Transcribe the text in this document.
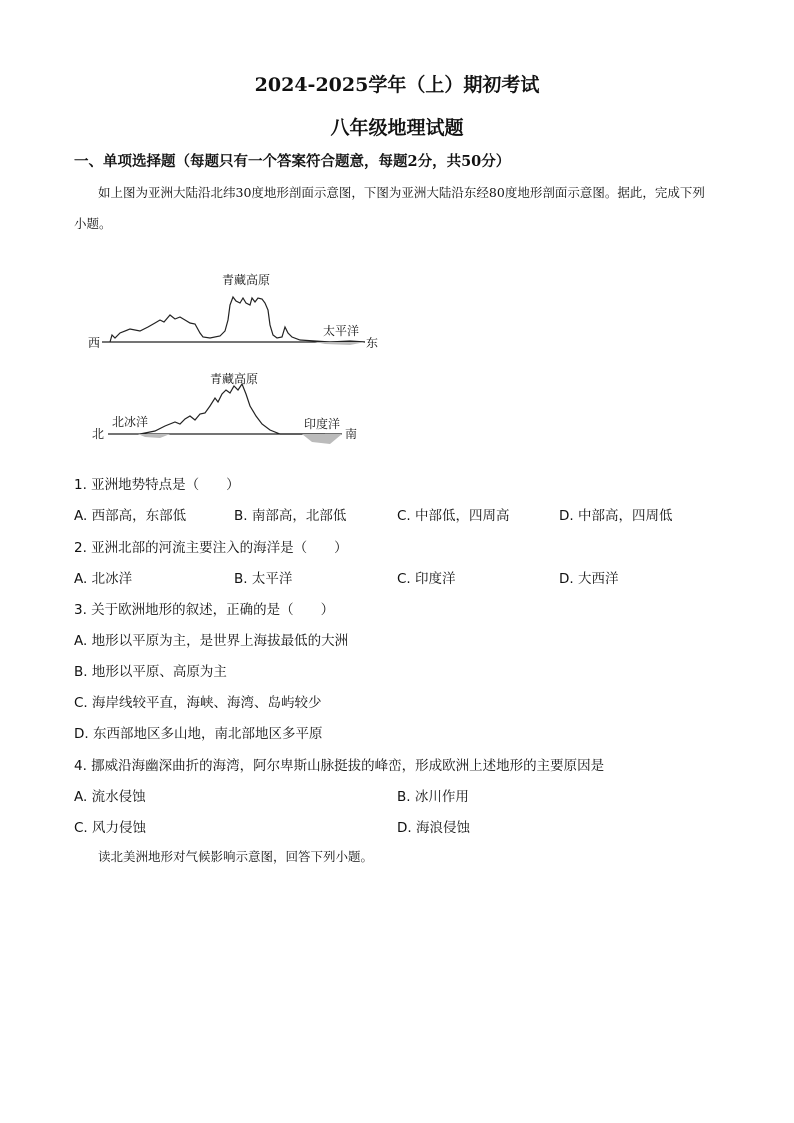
2024-2025学年（上）期初考试
八年级地理试题
一、单项选择题（每题只有一个答案符合题意，每题2分，共50分）
如上图为亚洲大陆沿北纬30度地形剖面示意图，下图为亚洲大陆沿东经80度地形剖面示意图。据此，完成下列小题。
青藏高原
西	东
太平洋
青藏高原
北	南
北冰洋	印度洋
1. 亚洲地势特点是（　　）
A. 西部高，东部低	B. 南部高，北部低	C. 中部低，四周高	D. 中部高，四周低
2. 亚洲北部的河流主要注入的海洋是（　　）
A. 北冰洋	B. 太平洋	C. 印度洋	D. 大西洋
3. 关于欧洲地形的叙述，正确的是（　　）
A. 地形以平原为主，是世界上海拔最低的大洲
B. 地形以平原、高原为主
C. 海岸线较平直，海峡、海湾、岛屿较少
D. 东西部地区多山地，南北部地区多平原
4. 挪威沿海幽深曲折的海湾，阿尔卑斯山脉挺拔的峰峦，形成欧洲上述地形的主要原因是
A. 流水侵蚀	B. 冰川作用
C. 风力侵蚀	D. 海浪侵蚀
读北美洲地形对气候影响示意图，回答下列小题。
